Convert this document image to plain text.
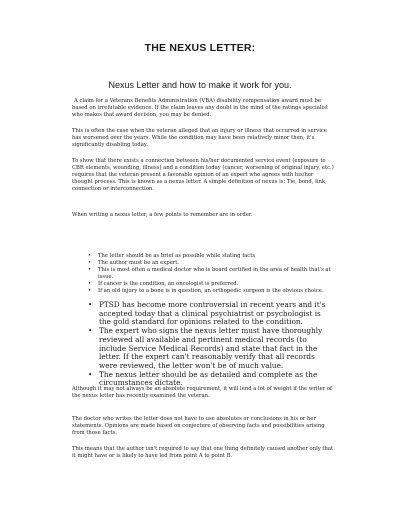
THE NEXUS LETTER:
Nexus Letter and how to make it work for you.

A claim for a Veterans Benefits Administration (VBA) disability compensation award must be based on irrefutable evidence. If the claim leaves any doubt in the mind of the ratings specialist who makes that award decision, you may be denied.

This is often the case when the veteran alleged that an injury or illness that occurred in service has worsened over the years. While the condition may have been relatively minor then, it's significantly disabling today.

To show that there exists a connection between his/her documented service event (exposure to CBR elements, wounding, illness) and a condition today (cancer, worsening of original injury, etc.) requires that the veteran present a favorable opinion of an expert who agrees with his/her thought process. This is known as a nexus letter. A simple definition of nexus is: Tie, bond, link, connection or interconnection.

When writing a nexus letter, a few points to remember are in order.

• The letter should be as brief as possible while stating facts
• The author must be an expert.
• This is most often a medical doctor who is board certified in the area of health that's at issue.
• If cancer is the condition, an oncologist is preferred.
• If an old injury to a bone is in question, an orthopedic surgeon is the obvious choice.
• PTSD has become more controversial in recent years and it's accepted today that a clinical psychiatrist or psychologist is the gold standard for opinions related to the condition.
• The expert who signs the nexus letter must have thoroughly reviewed all available and pertinent medical records (to include Service Medical Records) and state that fact in the letter. If the expert can't reasonably verify that all records were reviewed, the letter won't be of much value.
• The nexus letter should be as detailed and complete as the circumstances dictate.

Although it may not always be an absolute requirement, it will lend a lot of weight if the writer of the nexus letter has recently examined the veteran.

The doctor who writes the letter does not have to use absolutes or conclusions in his or her statements. Opinions are made based on conjecture of observing facts and possibilities arising from those facts.

This means that the author isn't required to say that one thing definitely caused another only that it might have or is likely to have led from point A to point B.
